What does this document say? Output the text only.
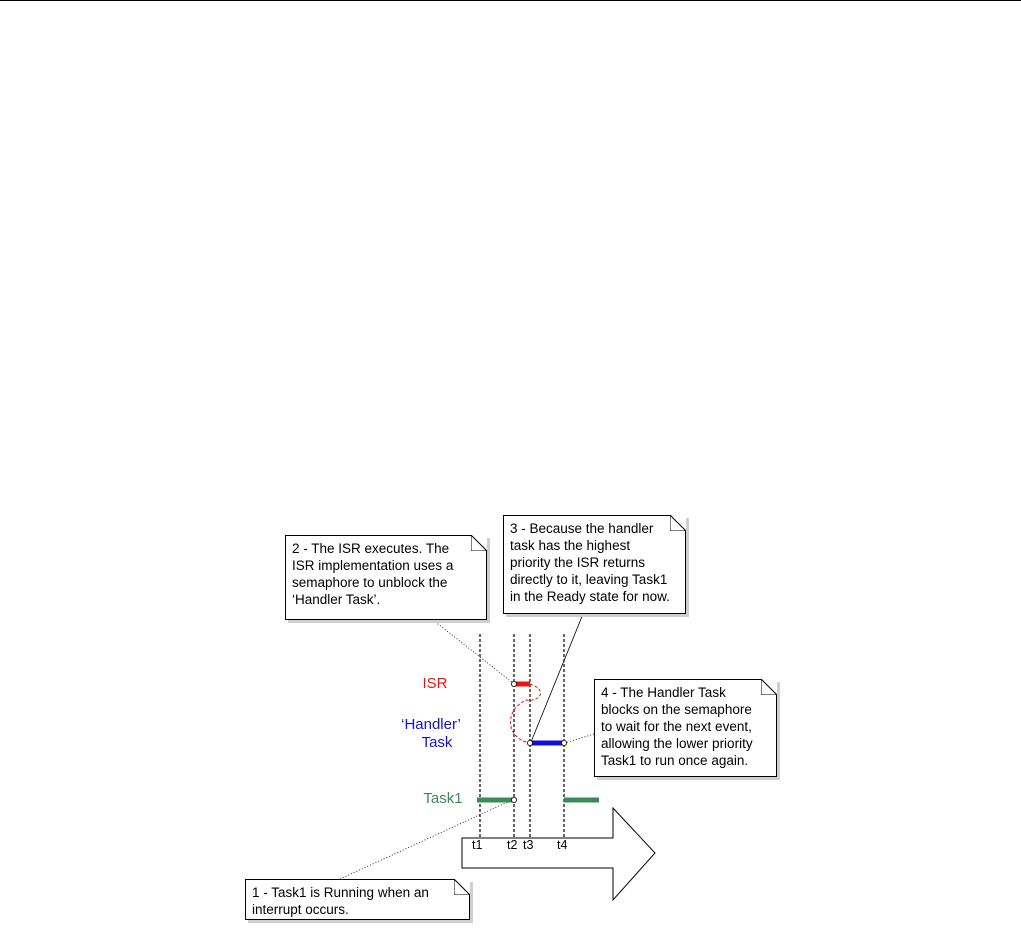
ISR
‘Handler’
Task
Task1
t1 t2 t3 t4
1 - Task1 is Running when an
interrupt occurs.
2 - The ISR executes. The
ISR implementation uses a
semaphore to unblock the
‘Handler Task’.
3 - Because the handler
task has the highest
priority the ISR returns
directly to it, leaving Task1
in the Ready state for now.
4 - The Handler Task
blocks on the semaphore
to wait for the next event,
allowing the lower priority
Task1 to run once again.
